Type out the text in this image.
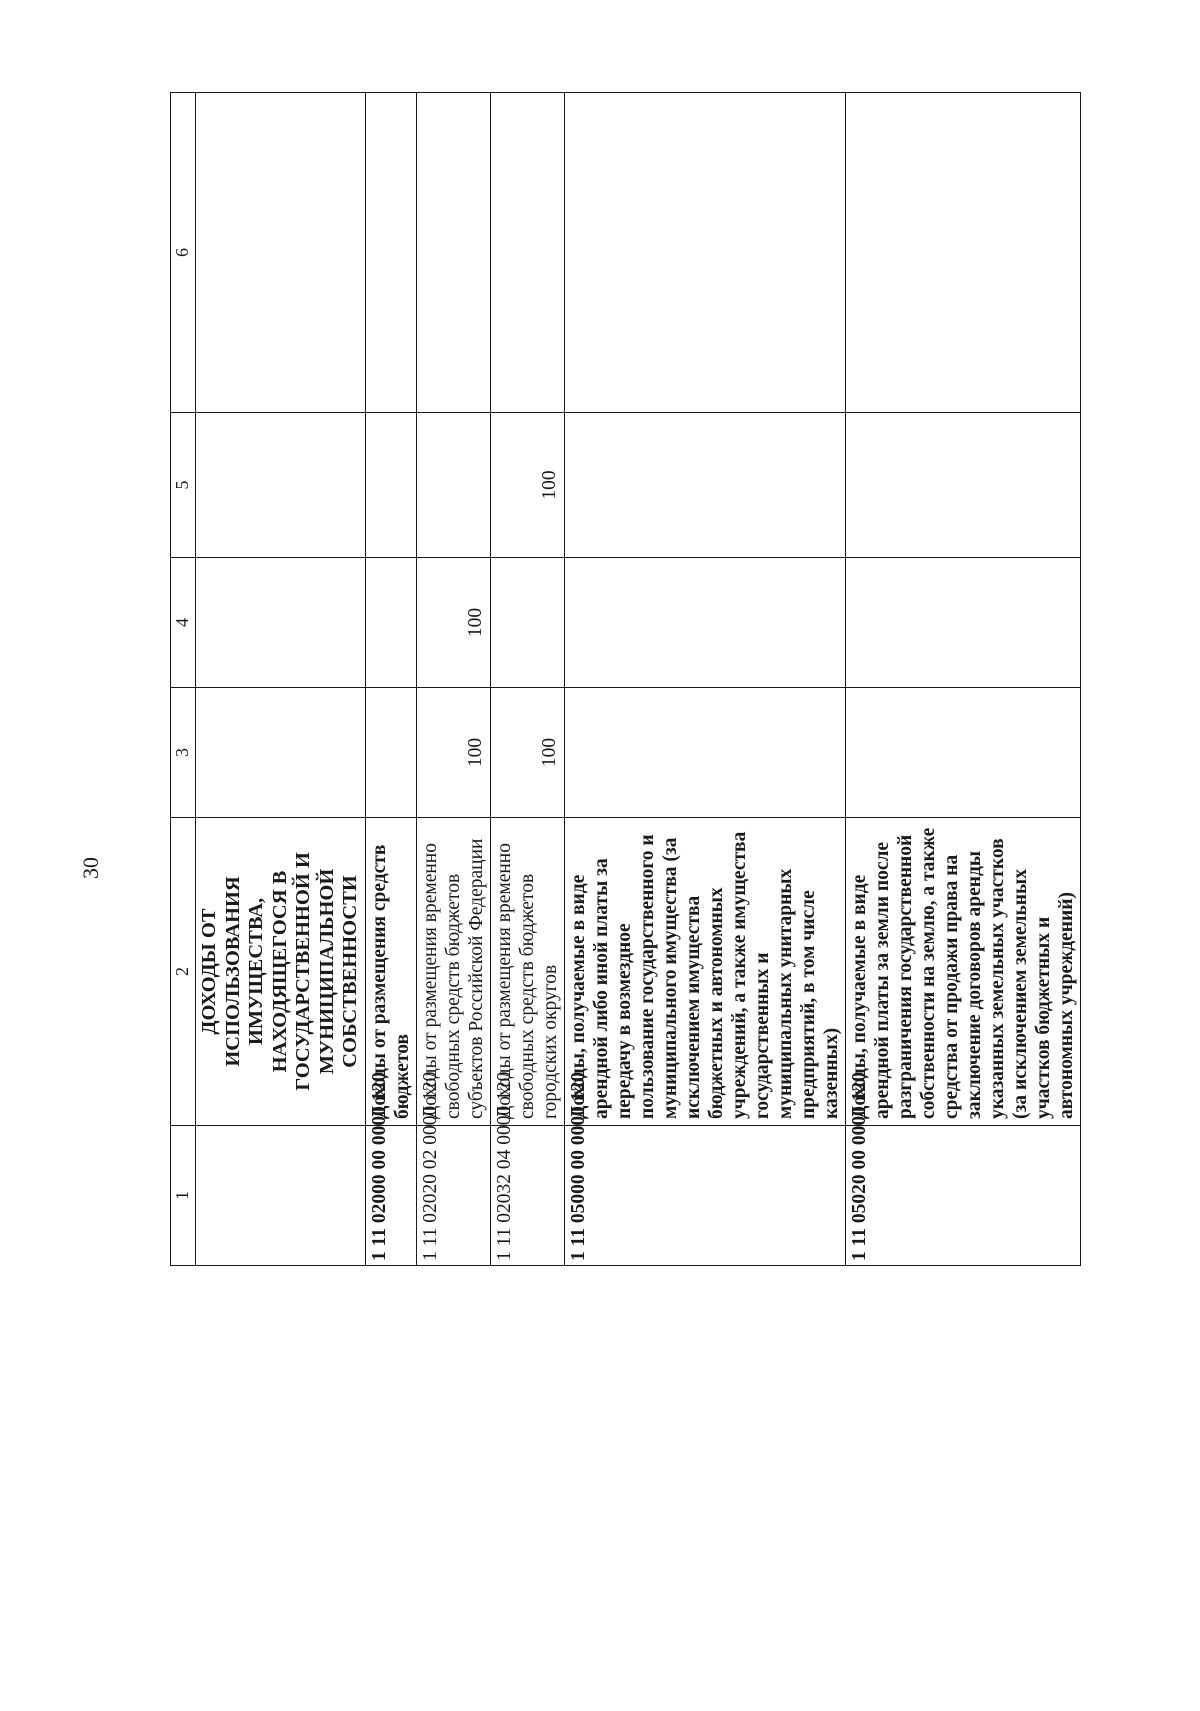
30
1	2	3	4	5	6
	ДОХОДЫ ОТ ИСПОЛЬЗОВАНИЯ ИМУЩЕСТВА, НАХОДЯЩЕГОСЯ В ГОСУДАРСТВЕННОЙ И МУНИЦИПАЛЬНОЙ СОБСТВЕННОСТИ				
1 11 02000 00 0000 120	Доходы от размещения средств бюджетов				
1 11 02020 02 0000 120	Доходы от размещения временно свободных средств бюджетов субъектов Российской Федерации	100	100		
1 11 02032 04 0000 120	Доходы от размещения временно свободных средств бюджетов городских округов	100		100	
1 11 05000 00 0000 120	Доходы, получаемые в виде арендной либо иной платы за передачу в возмездное пользование государственного и муниципального имущества (за исключением имущества бюджетных и автономных учреждений, а также имущества государственных и муниципальных унитарных предприятий, в том числе казенных)				
1 11 05020 00 0000 120	Доходы, получаемые в виде арендной платы за земли после разграничения государственной собственности на землю, а также средства от продажи права на заключение договоров аренды указанных земельных участков (за исключением земельных участков бюджетных и автономных учреждений)				
